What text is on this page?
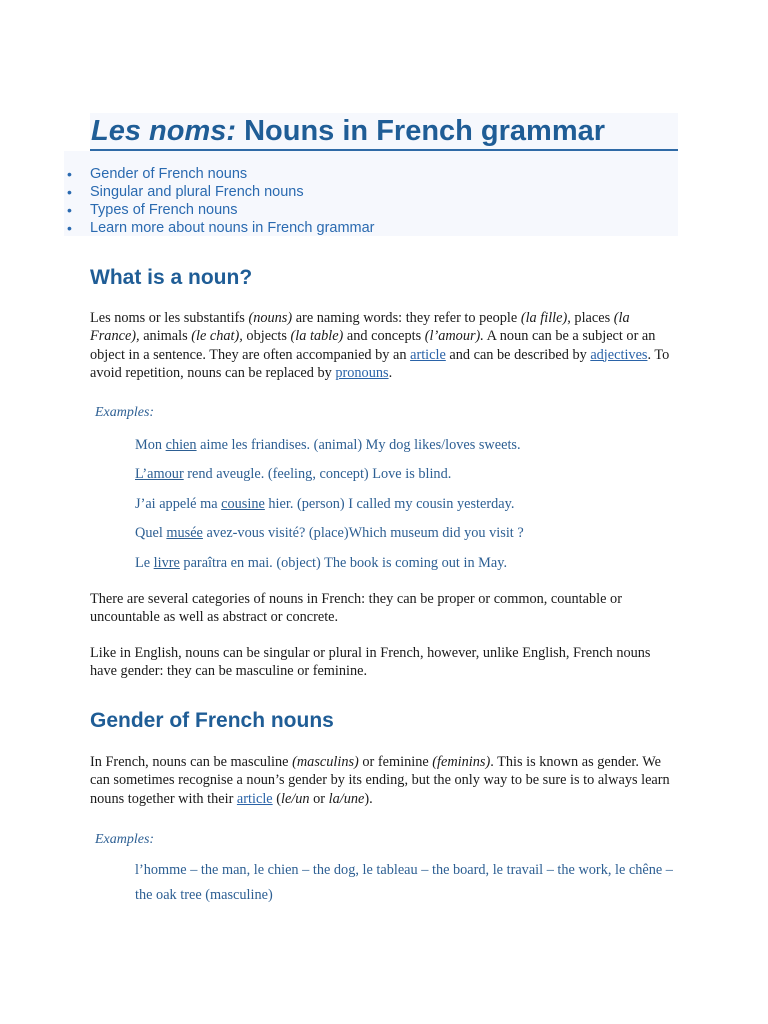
Les noms: Nouns in French grammar
• Gender of French nouns
• Singular and plural French nouns
• Types of French nouns
• Learn more about nouns in French grammar
What is a noun?
Les noms or les substantifs (nouns) are naming words: they refer to people (la fille), places (la France), animals (le chat), objects (la table) and concepts (l’amour). A noun can be a subject or an object in a sentence. They are often accompanied by an article and can be described by adjectives. To avoid repetition, nouns can be replaced by pronouns.
Examples:
Mon chien aime les friandises. (animal) My dog likes/loves sweets.
L’amour rend aveugle. (feeling, concept) Love is blind.
J’ai appelé ma cousine hier. (person) I called my cousin yesterday.
Quel musée avez-vous visité? (place)Which museum did you visit ?
Le livre paraîtra en mai. (object) The book is coming out in May.
There are several categories of nouns in French: they can be proper or common, countable or uncountable as well as abstract or concrete.
Like in English, nouns can be singular or plural in French, however, unlike English, French nouns have gender: they can be masculine or feminine.
Gender of French nouns
In French, nouns can be masculine (masculins) or feminine (feminins). This is known as gender. We can sometimes recognise a noun’s gender by its ending, but the only way to be sure is to always learn nouns together with their article (le/un or la/une).
Examples:
l’homme – the man, le chien – the dog, le tableau – the board, le travail – the work, le chêne – the oak tree (masculine)
